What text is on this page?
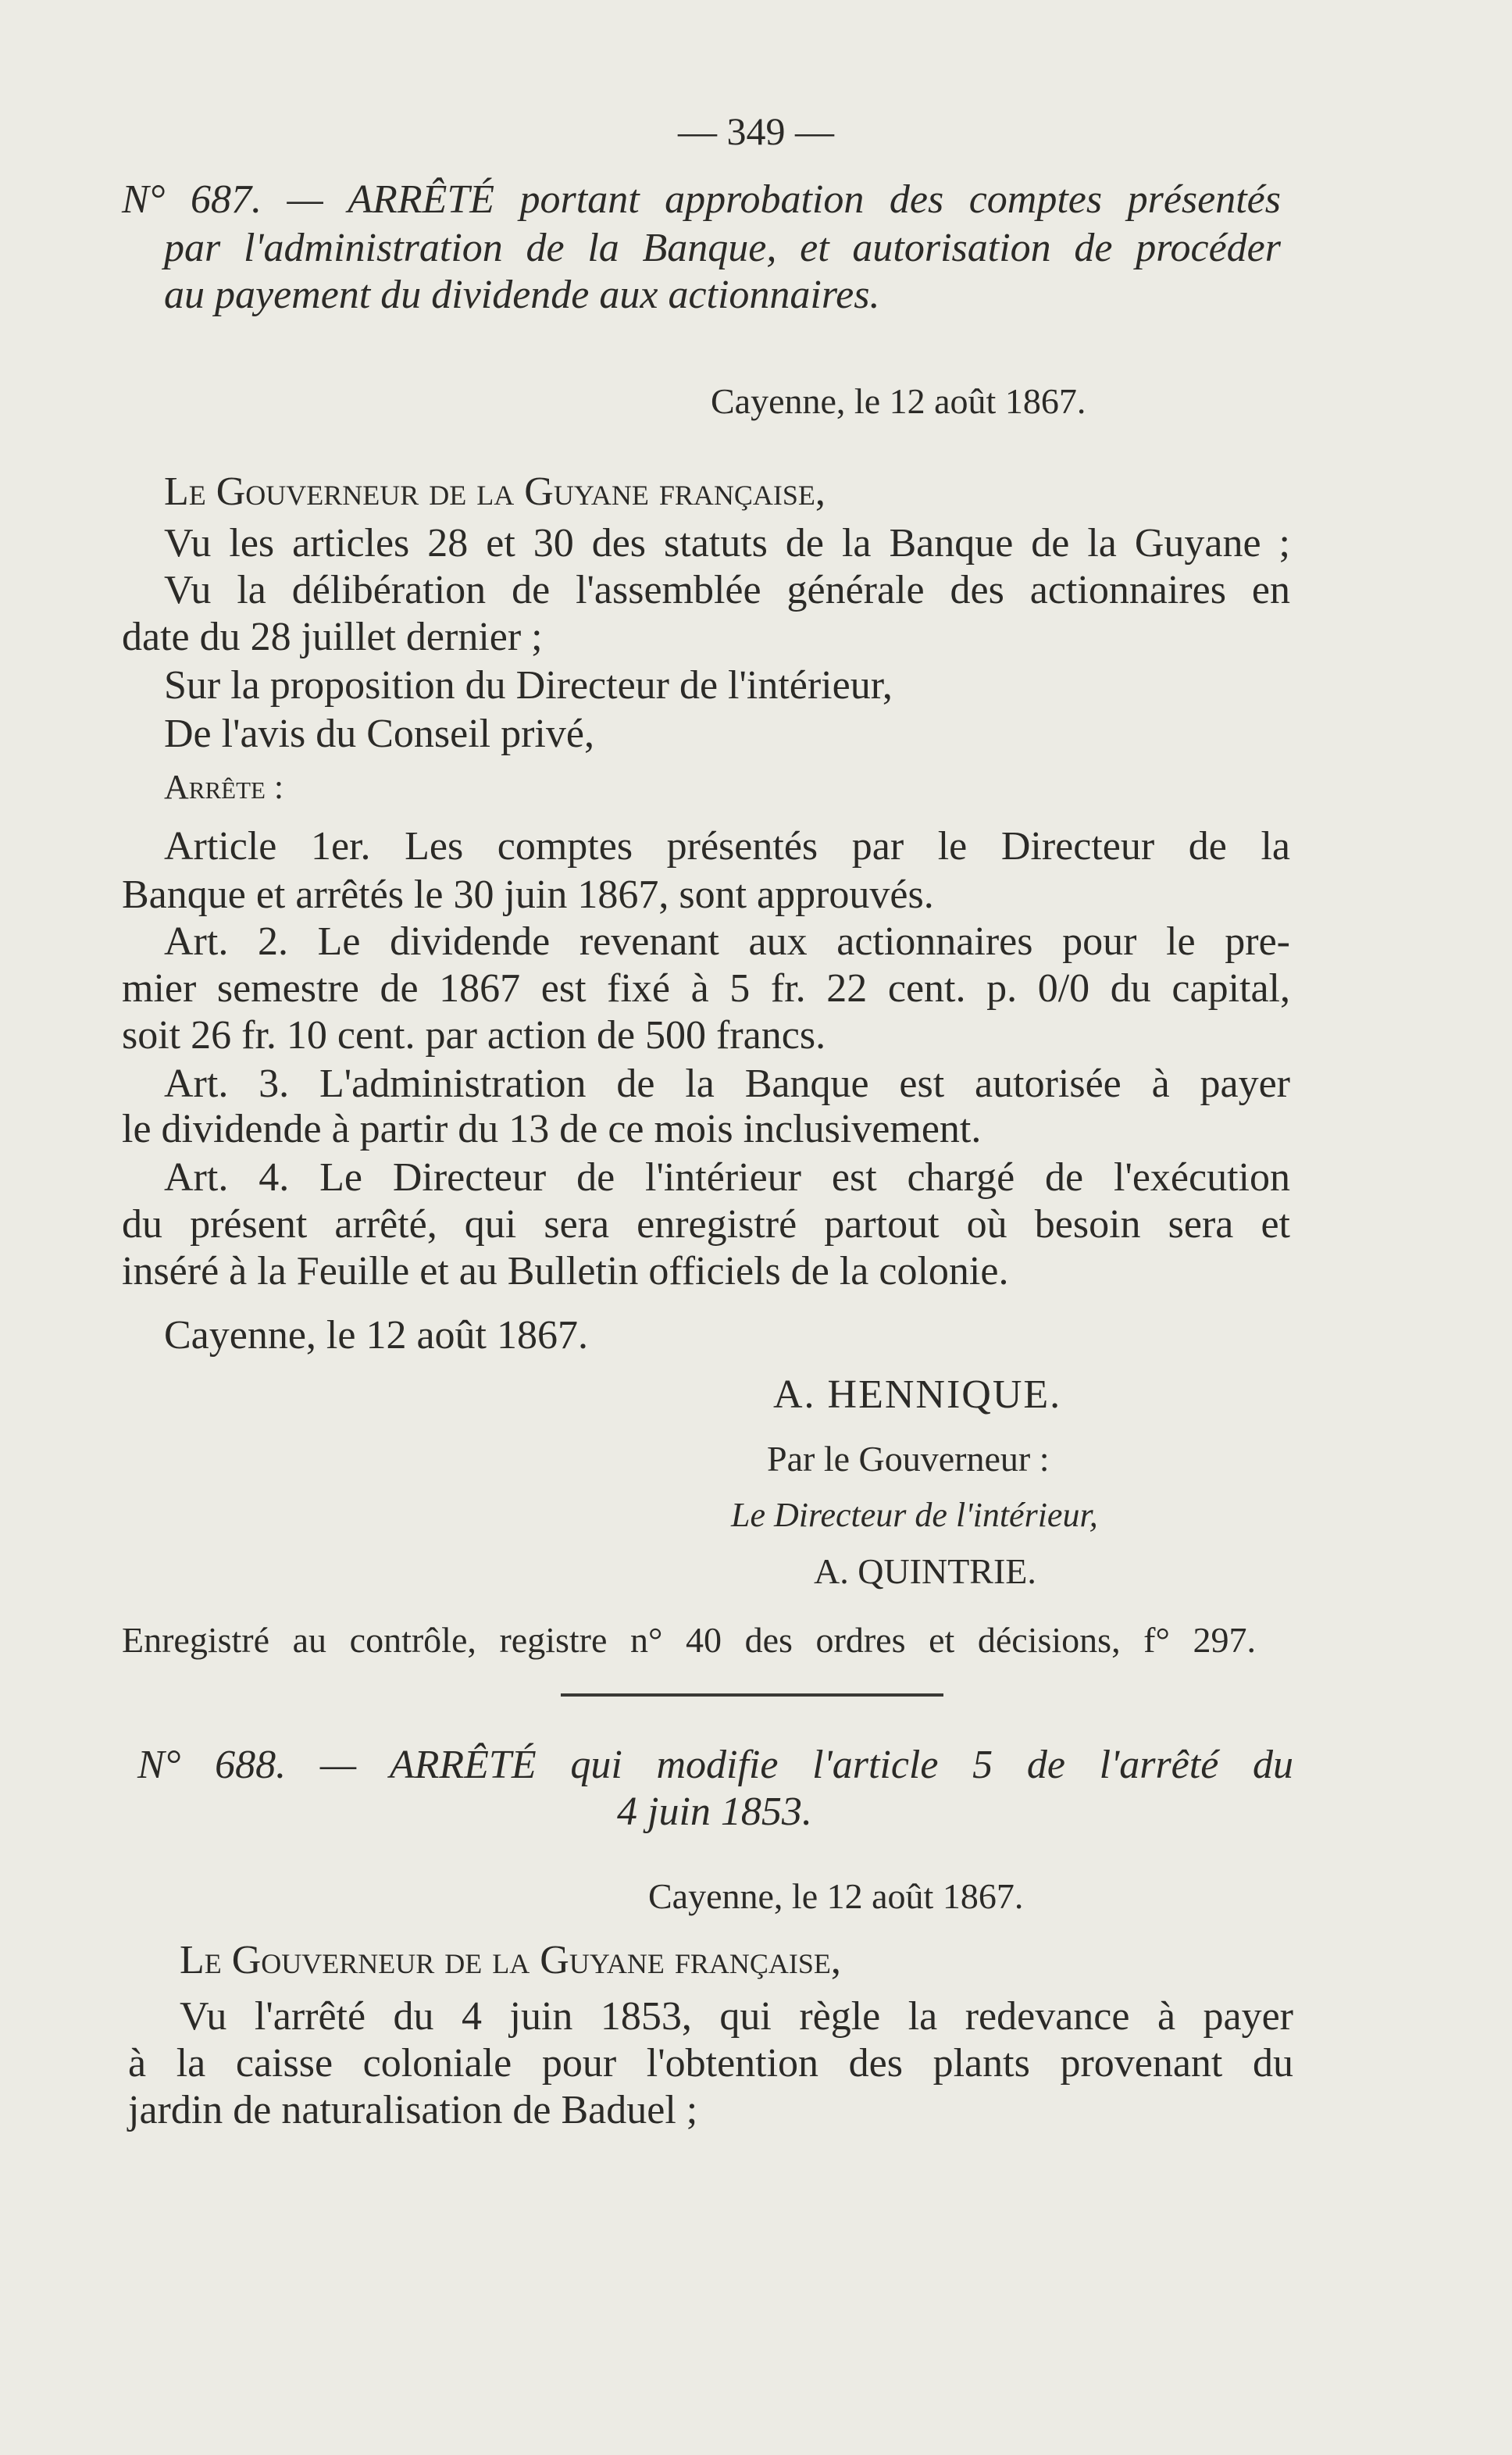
— 349 —
N° 687. — ARRÊTÉ portant approbation des comptes présentés
par l'administration de la Banque, et autorisation de procéder
au payement du dividende aux actionnaires.
Cayenne, le 12 août 1867.
Le Gouverneur de la Guyane française,
Vu les articles 28 et 30 des statuts de la Banque de la Guyane ;
Vu la délibération de l'assemblée générale des actionnaires en
date du 28 juillet dernier ;
Sur la proposition du Directeur de l'intérieur,
De l'avis du Conseil privé,
Arrête :
Article 1er. Les comptes présentés par le Directeur de la
Banque et arrêtés le 30 juin 1867, sont approuvés.
Art. 2. Le dividende revenant aux actionnaires pour le pre-
mier semestre de 1867 est fixé à 5 fr. 22 cent. p. 0/0 du capital,
soit 26 fr. 10 cent. par action de 500 francs.
Art. 3. L'administration de la Banque est autorisée à payer
le dividende à partir du 13 de ce mois inclusivement.
Art. 4. Le Directeur de l'intérieur est chargé de l'exécution
du présent arrêté, qui sera enregistré partout où besoin sera et
inséré à la Feuille et au Bulletin officiels de la colonie.
Cayenne, le 12 août 1867.
A. HENNIQUE.
Par le Gouverneur :
Le Directeur de l'intérieur,
A. QUINTRIE.
Enregistré au contrôle, registre n° 40 des ordres et décisions, f° 297.
N° 688. — ARRÊTÉ qui modifie l'article 5 de l'arrêté du
4 juin 1853.
Cayenne, le 12 août 1867.
Le Gouverneur de la Guyane française,
Vu l'arrêté du 4 juin 1853, qui règle la redevance à payer
à la caisse coloniale pour l'obtention des plants provenant du
jardin de naturalisation de Baduel ;
